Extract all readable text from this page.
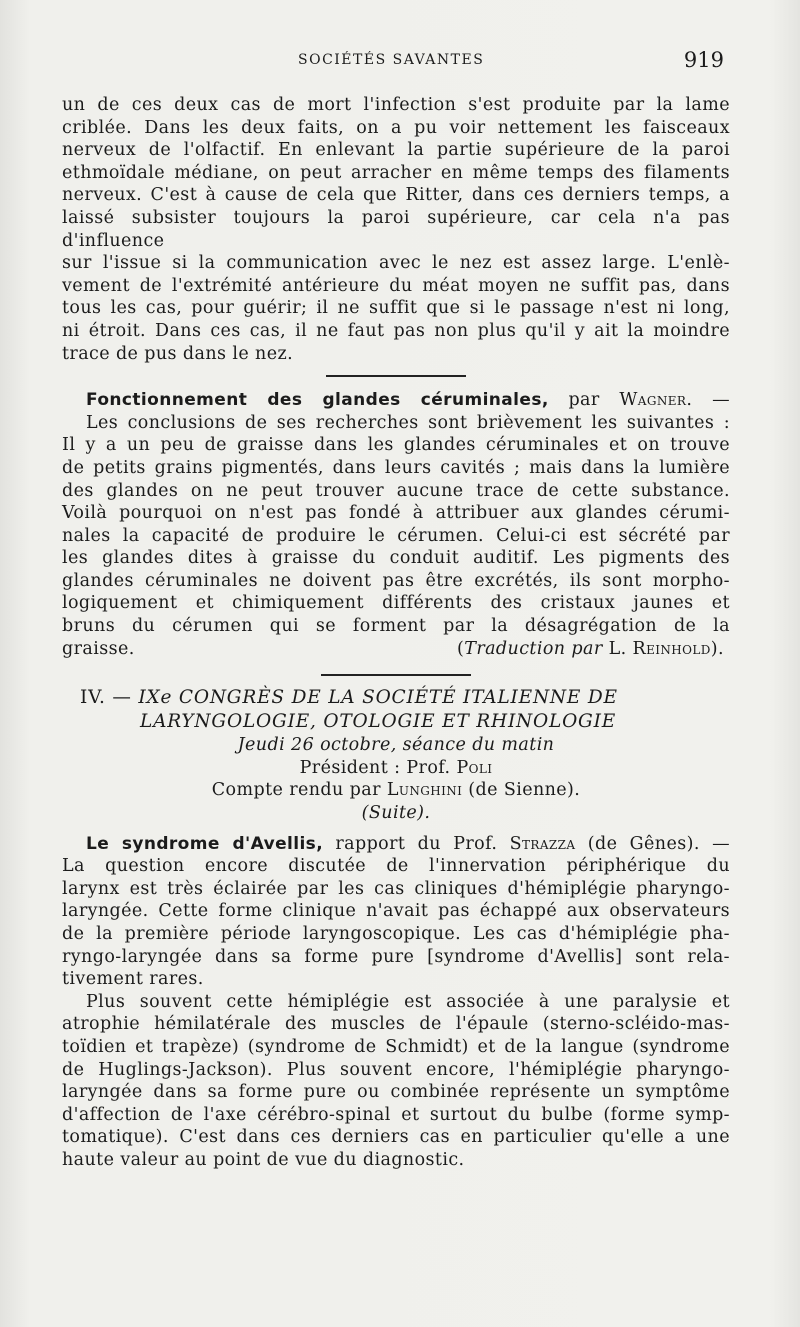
SOCIÉTÉS SAVANTES	919

un de ces deux cas de mort l'infection s'est produite par la lame

criblée. Dans les deux faits, on a pu voir nettement les faisceaux

nerveux de l'olfactif. En enlevant la partie supérieure de la paroi

ethmoïdale médiane, on peut arracher en même temps des filaments

nerveux. C'est à cause de cela que Ritter, dans ces derniers temps, a

laissé subsister toujours la paroi supérieure, car cela n'a pas d'influence

sur l'issue si la communication avec le nez est assez large. L'enlè-

vement de l'extrémité antérieure du méat moyen ne suffit pas, dans

tous les cas, pour guérir; il ne suffit que si le passage n'est ni long,

ni étroit. Dans ces cas, il ne faut pas non plus qu'il y ait la moindre

trace de pus dans le nez.

Fonctionnement des glandes céruminales, par Wagner. —

Les conclusions de ses recherches sont brièvement les suivantes :

Il y a un peu de graisse dans les glandes céruminales et on trouve

de petits grains pigmentés, dans leurs cavités ; mais dans la lumière

des glandes on ne peut trouver aucune trace de cette substance.

Voilà pourquoi on n'est pas fondé à attribuer aux glandes cérumi-

nales la capacité de produire le cérumen. Celui-ci est sécrété par

les glandes dites à graisse du conduit auditif. Les pigments des

glandes céruminales ne doivent pas être excrétés, ils sont morpho-

logiquement et chimiquement différents des cristaux jaunes et

bruns du cérumen qui se forment par la désagrégation de la

graisse.	(Traduction par L. Reinhold).

IV. — IXe CONGRÈS DE LA SOCIÉTÉ ITALIENNE DE

LARYNGOLOGIE, OTOLOGIE ET RHINOLOGIE

Jeudi 26 octobre, séance du matin

Président : Prof. Poli

Compte rendu par Lunghini (de Sienne).

(Suite).

Le syndrome d'Avellis, rapport du Prof. Strazza (de Gênes). —

La question encore discutée de l'innervation périphérique du

larynx est très éclairée par les cas cliniques d'hémiplégie pharyngo-

laryngée. Cette forme clinique n'avait pas échappé aux observateurs

de la première période laryngoscopique. Les cas d'hémiplégie pha-

ryngo-laryngée dans sa forme pure [syndrome d'Avellis] sont rela-

tivement rares.

Plus souvent cette hémiplégie est associée à une paralysie et

atrophie hémilatérale des muscles de l'épaule (sterno-scléido-mas-

toïdien et trapèze) (syndrome de Schmidt) et de la langue (syndrome

de Huglings-Jackson). Plus souvent encore, l'hémiplégie pharyngo-

laryngée dans sa forme pure ou combinée représente un symptôme

d'affection de l'axe cérébro-spinal et surtout du bulbe (forme symp-

tomatique). C'est dans ces derniers cas en particulier qu'elle a une

haute valeur au point de vue du diagnostic.
